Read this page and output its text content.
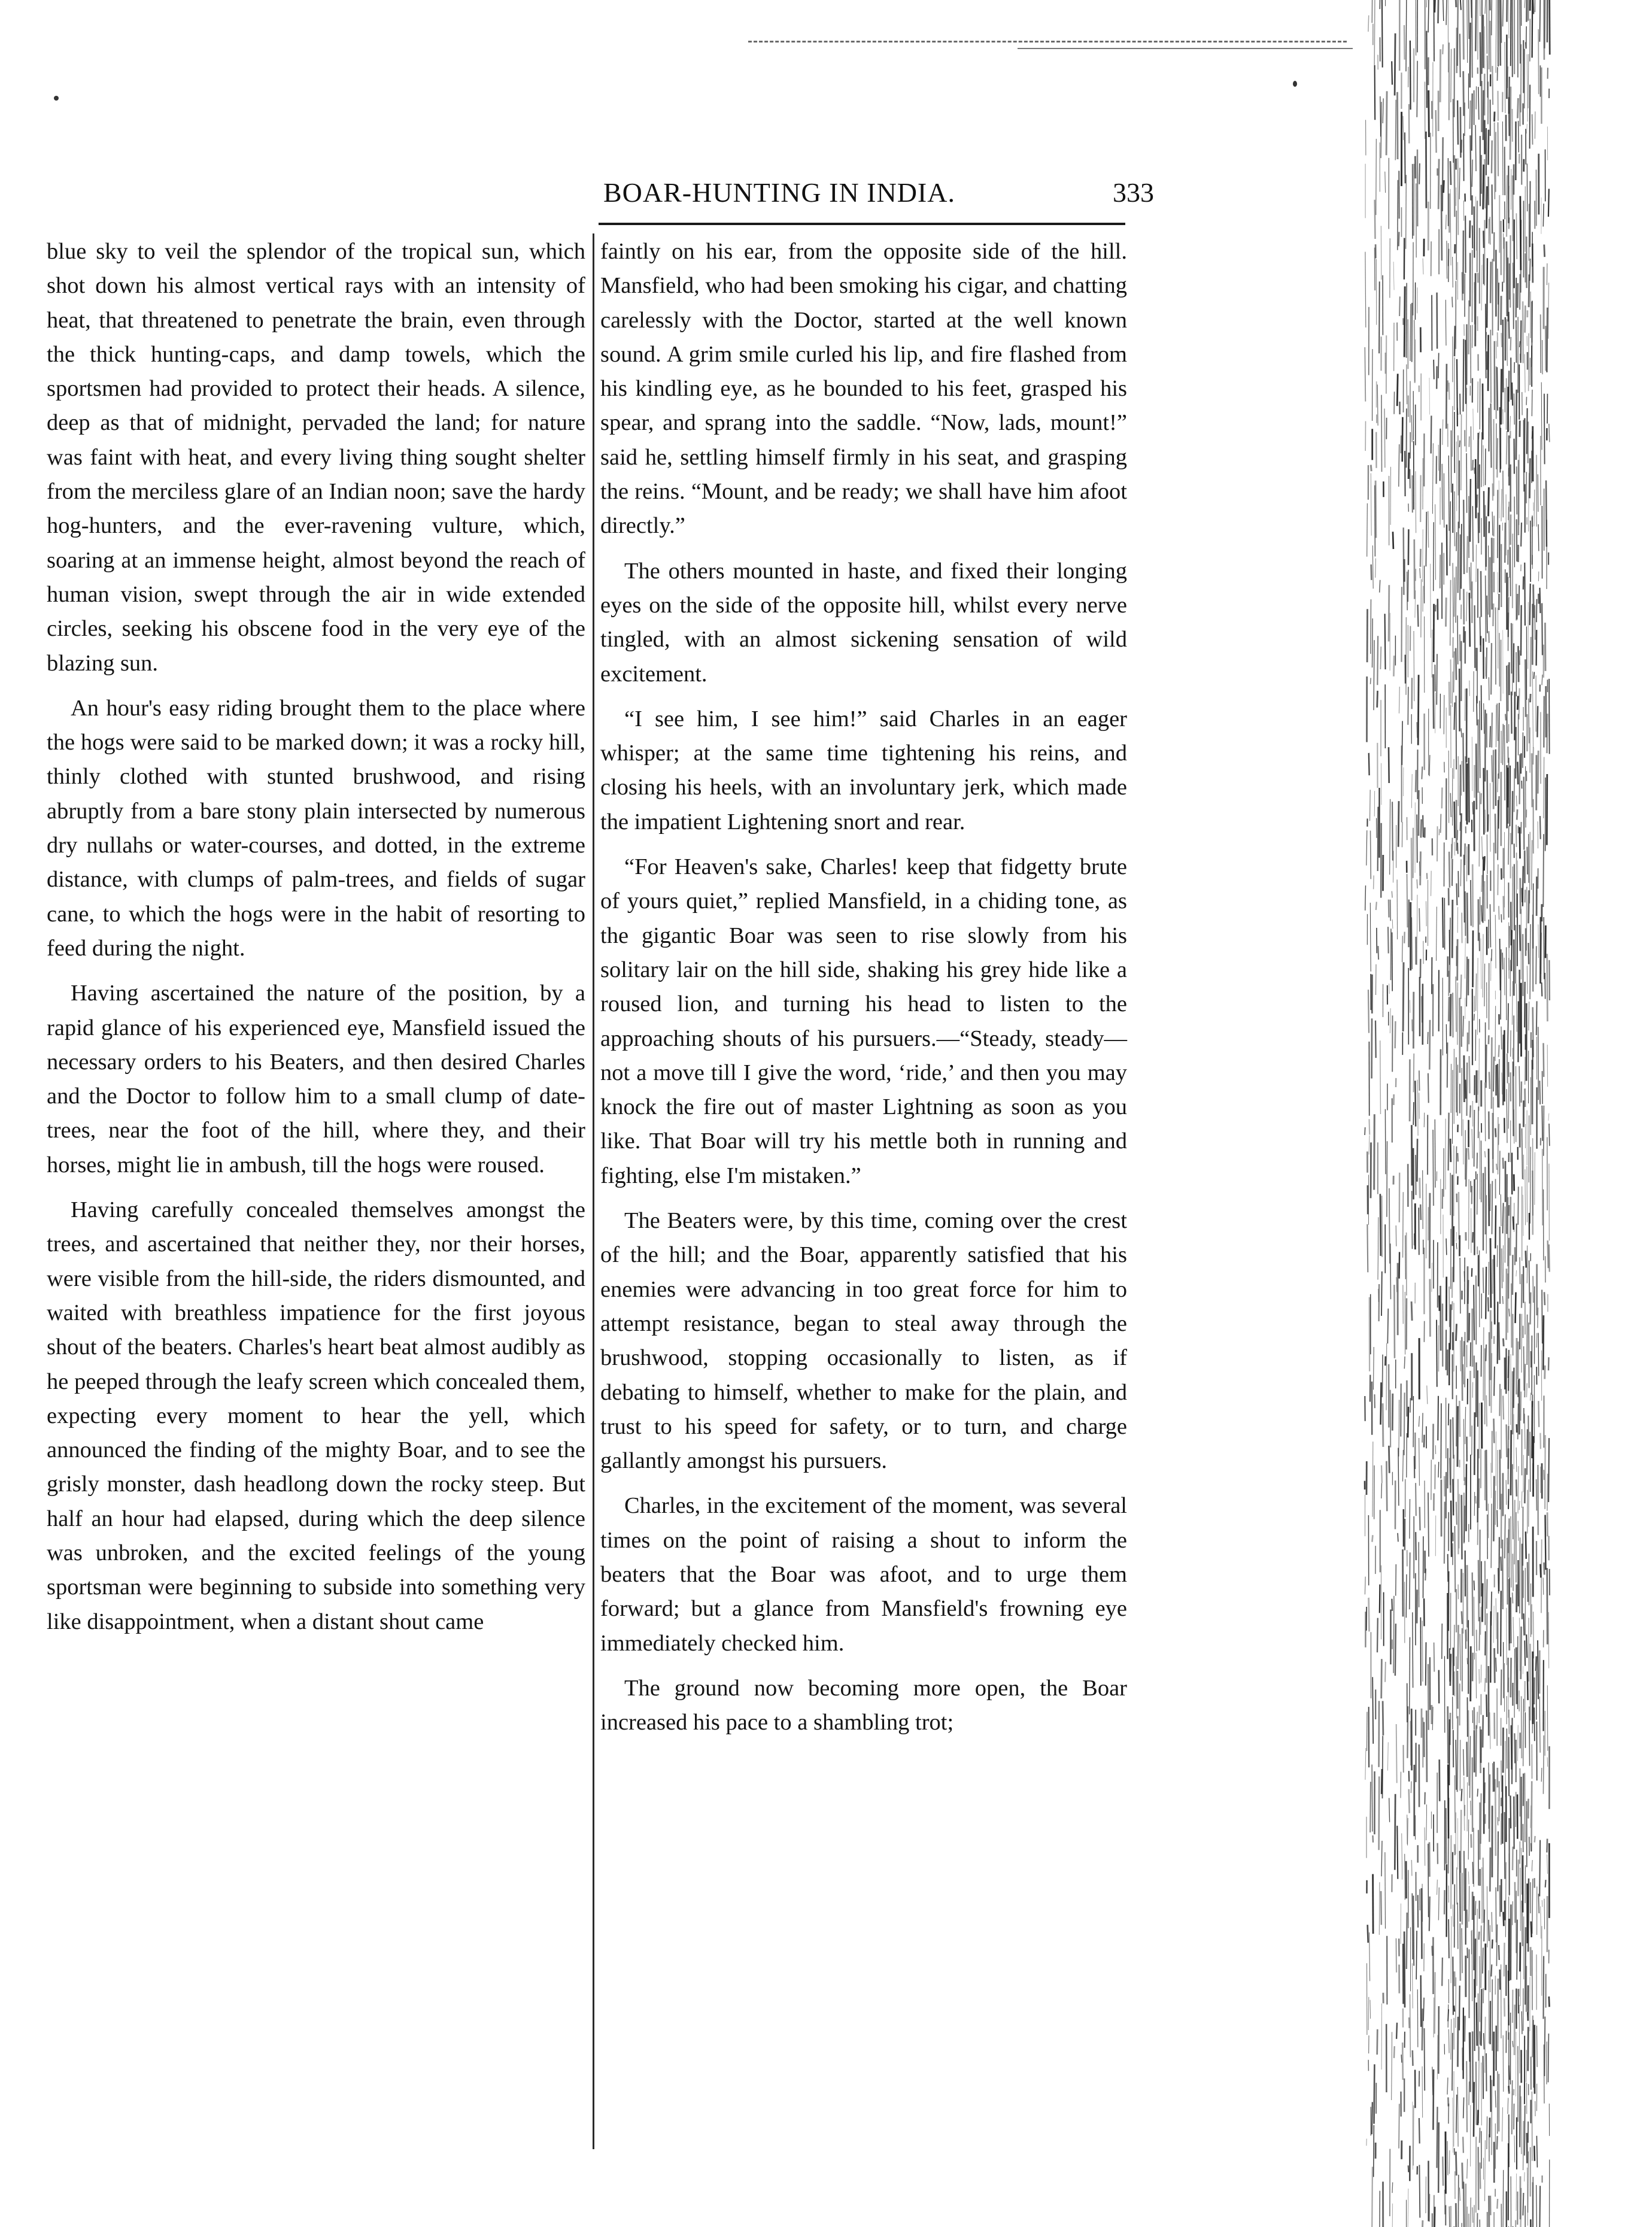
BOAR-HUNTING IN INDIA.	333

blue sky to veil the splendor of the tropical sun, which shot down his almost vertical rays with an intensity of heat, that threatened to penetrate the brain, even through the thick hunting-caps, and damp towels, which the sportsmen had provided to protect their heads. A silence, deep as that of midnight, pervaded the land; for nature was faint with heat, and every living thing sought shelter from the merciless glare of an Indian noon; save the hardy hog-hunters, and the ever-ravening vulture, which, soaring at an immense height, almost beyond the reach of human vision, swept through the air in wide extended circles, seeking his obscene food in the very eye of the blazing sun.

An hour's easy riding brought them to the place where the hogs were said to be marked down; it was a rocky hill, thinly clothed with stunted brushwood, and rising abruptly from a bare stony plain intersected by numerous dry nullahs or water-courses, and dotted, in the extreme distance, with clumps of palm-trees, and fields of sugar cane, to which the hogs were in the habit of resorting to feed during the night.

Having ascertained the nature of the position, by a rapid glance of his experienced eye, Mansfield issued the necessary orders to his Beaters, and then desired Charles and the Doctor to follow him to a small clump of date-trees, near the foot of the hill, where they, and their horses, might lie in ambush, till the hogs were roused.

Having carefully concealed themselves amongst the trees, and ascertained that neither they, nor their horses, were visible from the hill-side, the riders dismounted, and waited with breathless impatience for the first joyous shout of the beaters. Charles's heart beat almost audibly as he peeped through the leafy screen which concealed them, expecting every moment to hear the yell, which announced the finding of the mighty Boar, and to see the grisly monster, dash headlong down the rocky steep. But half an hour had elapsed, during which the deep silence was unbroken, and the excited feelings of the young sportsman were beginning to subside into something very like disappointment, when a distant shout came

faintly on his ear, from the opposite side of the hill. Mansfield, who had been smoking his cigar, and chatting carelessly with the Doctor, started at the well known sound. A grim smile curled his lip, and fire flashed from his kindling eye, as he bounded to his feet, grasped his spear, and sprang into the saddle. “Now, lads, mount!” said he, settling himself firmly in his seat, and grasping the reins. “Mount, and be ready; we shall have him afoot directly.”

The others mounted in haste, and fixed their longing eyes on the side of the opposite hill, whilst every nerve tingled, with an almost sickening sensation of wild excitement.

“I see him, I see him!” said Charles in an eager whisper; at the same time tightening his reins, and closing his heels, with an involuntary jerk, which made the impatient Lightening snort and rear.

“For Heaven's sake, Charles! keep that fidgetty brute of yours quiet,” replied Mansfield, in a chiding tone, as the gigantic Boar was seen to rise slowly from his solitary lair on the hill side, shaking his grey hide like a roused lion, and turning his head to listen to the approaching shouts of his pursuers.—“Steady, steady—not a move till I give the word, ‘ride,’ and then you may knock the fire out of master Lightning as soon as you like. That Boar will try his mettle both in running and fighting, else I'm mistaken.”

The Beaters were, by this time, coming over the crest of the hill; and the Boar, apparently satisfied that his enemies were advancing in too great force for him to attempt resistance, began to steal away through the brushwood, stopping occasionally to listen, as if debating to himself, whether to make for the plain, and trust to his speed for safety, or to turn, and charge gallantly amongst his pursuers.

Charles, in the excitement of the moment, was several times on the point of raising a shout to inform the beaters that the Boar was afoot, and to urge them forward; but a glance from Mansfield's frowning eye immediately checked him.

The ground now becoming more open, the Boar increased his pace to a shambling trot;
